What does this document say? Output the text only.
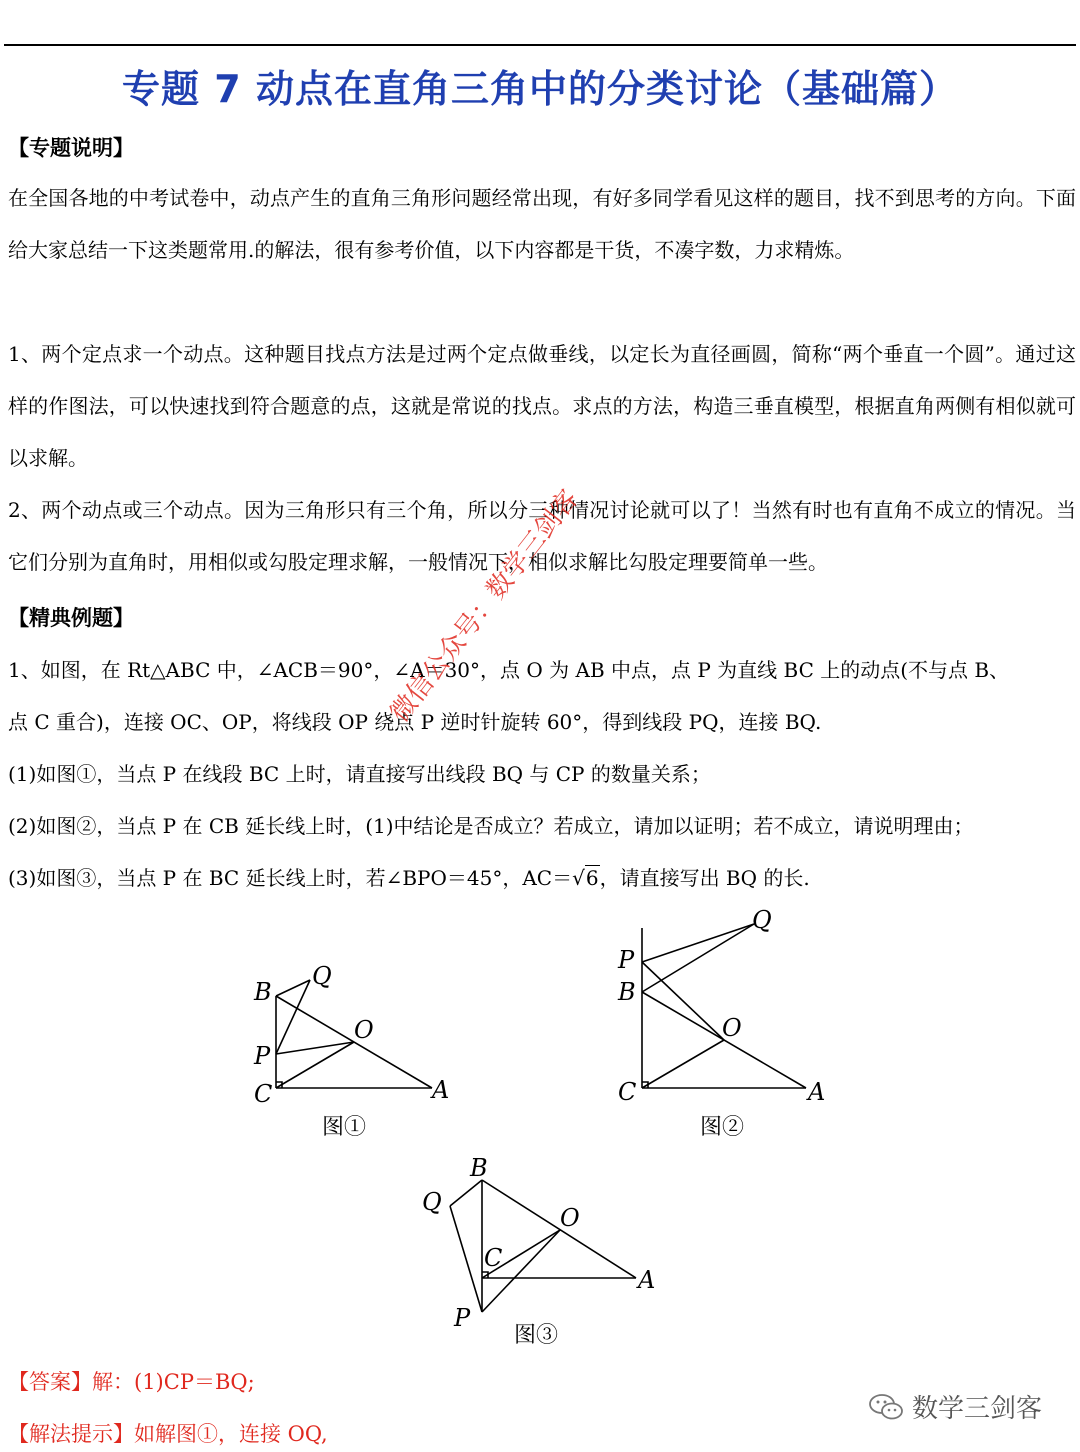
专题 7 动点在直角三角中的分类讨论（基础篇）
【专题说明】
在全国各地的中考试卷中，动点产生的直角三角形问题经常出现，有好多同学看见这样的题目，找不到思考的方向。下面给大家总结一下这类题常用.的解法，很有参考价值，以下内容都是干货，不凑字数，力求精炼。
1、两个定点求一个动点。这种题目找点方法是过两个定点做垂线，以定长为直径画圆，简称“两个垂直一个圆”。通过这样的作图法，可以快速找到符合题意的点，这就是常说的找点。求点的方法，构造三垂直模型，根据直角两侧有相似就可以求解。
2、两个动点或三个动点。因为三角形只有三个角，所以分三种情况讨论就可以了！当然有时也有直角不成立的情况。当它们分别为直角时，用相似或勾股定理求解，一般情况下，相似求解比勾股定理要简单一些。
【精典例题】
1、如图，在 Rt△ABC 中，∠ACB＝90°，∠A＝30°，点 O 为 AB 中点，点 P 为直线 BC 上的动点(不与点 B、
点 C 重合)，连接 OC、OP，将线段 OP 绕点 P 逆时针旋转 60°，得到线段 PQ，连接 BQ.
(1)如图①，当点 P 在线段 BC 上时，请直接写出线段 BQ 与 CP 的数量关系；
(2)如图②，当点 P 在 CB 延长线上时，(1)中结论是否成立？若成立，请加以证明；若不成立，请说明理由；
(3)如图③，当点 P 在 BC 延长线上时，若∠BPO＝45°，AC＝√6，请直接写出 BQ 的长.
B
Q
O
P
C	A
图①
Q
P
B
O
C	A
图②
B
Q
O
C
A
P
图③
微信公众号：数学三剑客
【答案】解：(1)CP＝BQ;
【解法提示】如解图①，连接 OQ,
数学三剑客
